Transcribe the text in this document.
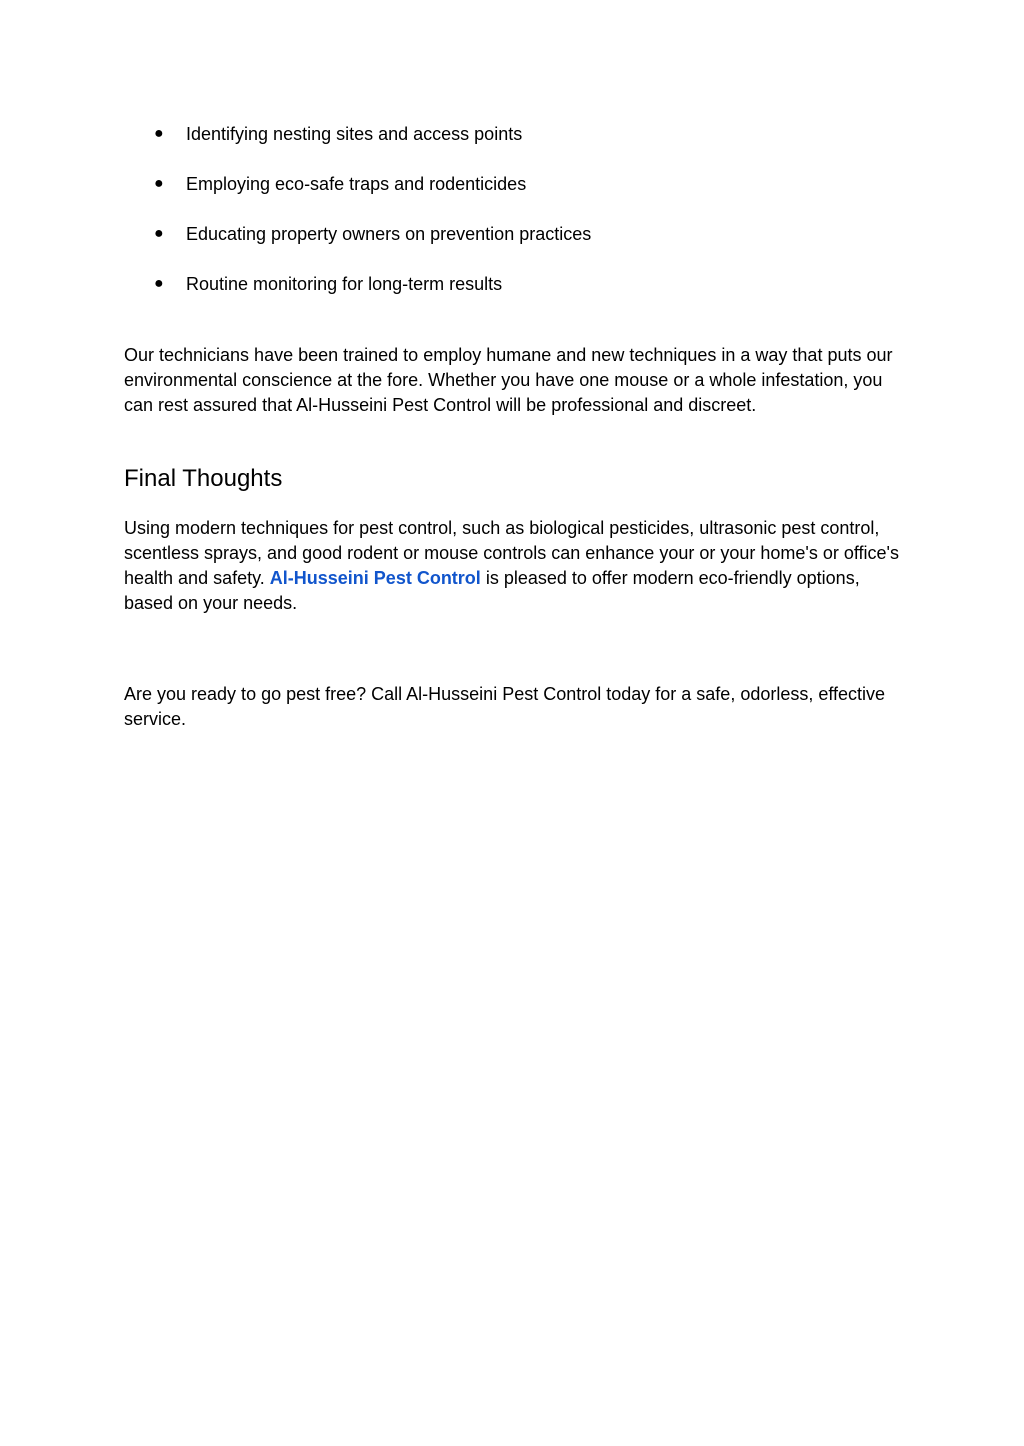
● Identifying nesting sites and access points
● Employing eco-safe traps and rodenticides
● Educating property owners on prevention practices
● Routine monitoring for long-term results

Our technicians have been trained to employ humane and new techniques in a way that puts our environmental conscience at the fore. Whether you have one mouse or a whole infestation, you can rest assured that Al-Husseini Pest Control will be professional and discreet.

Final Thoughts

Using modern techniques for pest control, such as biological pesticides, ultrasonic pest control, scentless sprays, and good rodent or mouse controls can enhance your or your home's or office's health and safety. Al-Husseini Pest Control is pleased to offer modern eco-friendly options, based on your needs.

Are you ready to go pest free? Call Al-Husseini Pest Control today for a safe, odorless, effective service.
